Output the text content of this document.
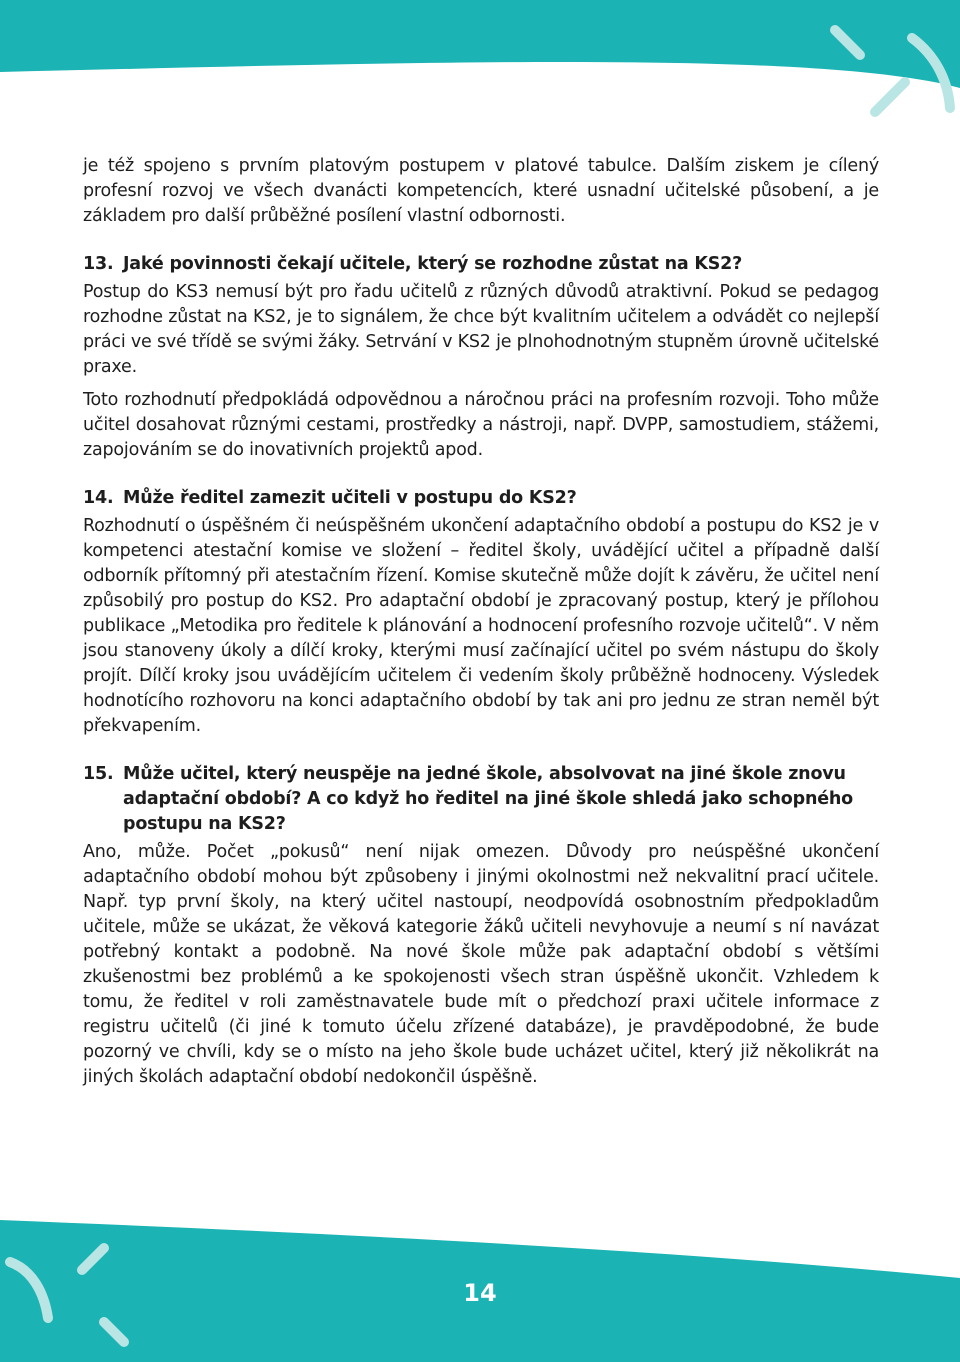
je též spojeno s prvním platovým postupem v platové tabulce. Dalším ziskem je cílený profesní rozvoj ve všech dvanácti kompetencích, které usnadní učitelské působení, a je základem pro další průběžné posílení vlastní odbornosti.

13. Jaké povinnosti čekají učitele, který se rozhodne zůstat na KS2?

Postup do KS3 nemusí být pro řadu učitelů z různých důvodů atraktivní. Pokud se pedagog rozhodne zůstat na KS2, je to signálem, že chce být kvalitním učitelem a odvádět co nejlepší práci ve své třídě se svými žáky. Setrvání v KS2 je plnohodnotným stupněm úrovně učitelské praxe.

Toto rozhodnutí předpokládá odpovědnou a náročnou práci na profesním rozvoji. Toho může učitel dosahovat různými cestami, prostředky a nástroji, např. DVPP, samostudiem, stážemi, zapojováním se do inovativních projektů apod.

14. Může ředitel zamezit učiteli v postupu do KS2?

Rozhodnutí o úspěšném či neúspěšném ukončení adaptačního období a postupu do KS2 je v kompetenci atestační komise ve složení – ředitel školy, uvádějící učitel a případně další odborník přítomný při atestačním řízení. Komise skutečně může dojít k závěru, že učitel není způsobilý pro postup do KS2. Pro adaptační období je zpracovaný postup, který je přílohou publikace „Metodika pro ředitele k plánování a hodnocení profesního rozvoje učitelů“. V něm jsou stanoveny úkoly a dílčí kroky, kterými musí začínající učitel po svém nástupu do školy projít. Dílčí kroky jsou uvádějícím učitelem či vedením školy průběžně hodnoceny. Výsledek hodnotícího rozhovoru na konci adaptačního období by tak ani pro jednu ze stran neměl být překvapením.

15. Může učitel, který neuspěje na jedné škole, absolvovat na jiné škole znovu adaptační období? A co když ho ředitel na jiné škole shledá jako schopného postupu na KS2?

Ano, může. Počet „pokusů“ není nijak omezen. Důvody pro neúspěšné ukončení adaptačního období mohou být způsobeny i jinými okolnostmi než nekvalitní prací učitele. Např. typ první školy, na který učitel nastoupí, neodpovídá osobnostním předpokladům učitele, může se ukázat, že věková kategorie žáků učiteli nevyhovuje a neumí s ní navázat potřebný kontakt a podobně. Na nové škole může pak adaptační období s většími zkušenostmi bez problémů a ke spokojenosti všech stran úspěšně ukončit. Vzhledem k tomu, že ředitel v roli zaměstnavatele bude mít o předchozí praxi učitele informace z registru učitelů (či jiné k tomuto účelu zřízené databáze), je pravděpodobné, že bude pozorný ve chvíli, kdy se o místo na jeho škole bude ucházet učitel, který již několikrát na jiných školách adaptační období nedokončil úspěšně.

14
